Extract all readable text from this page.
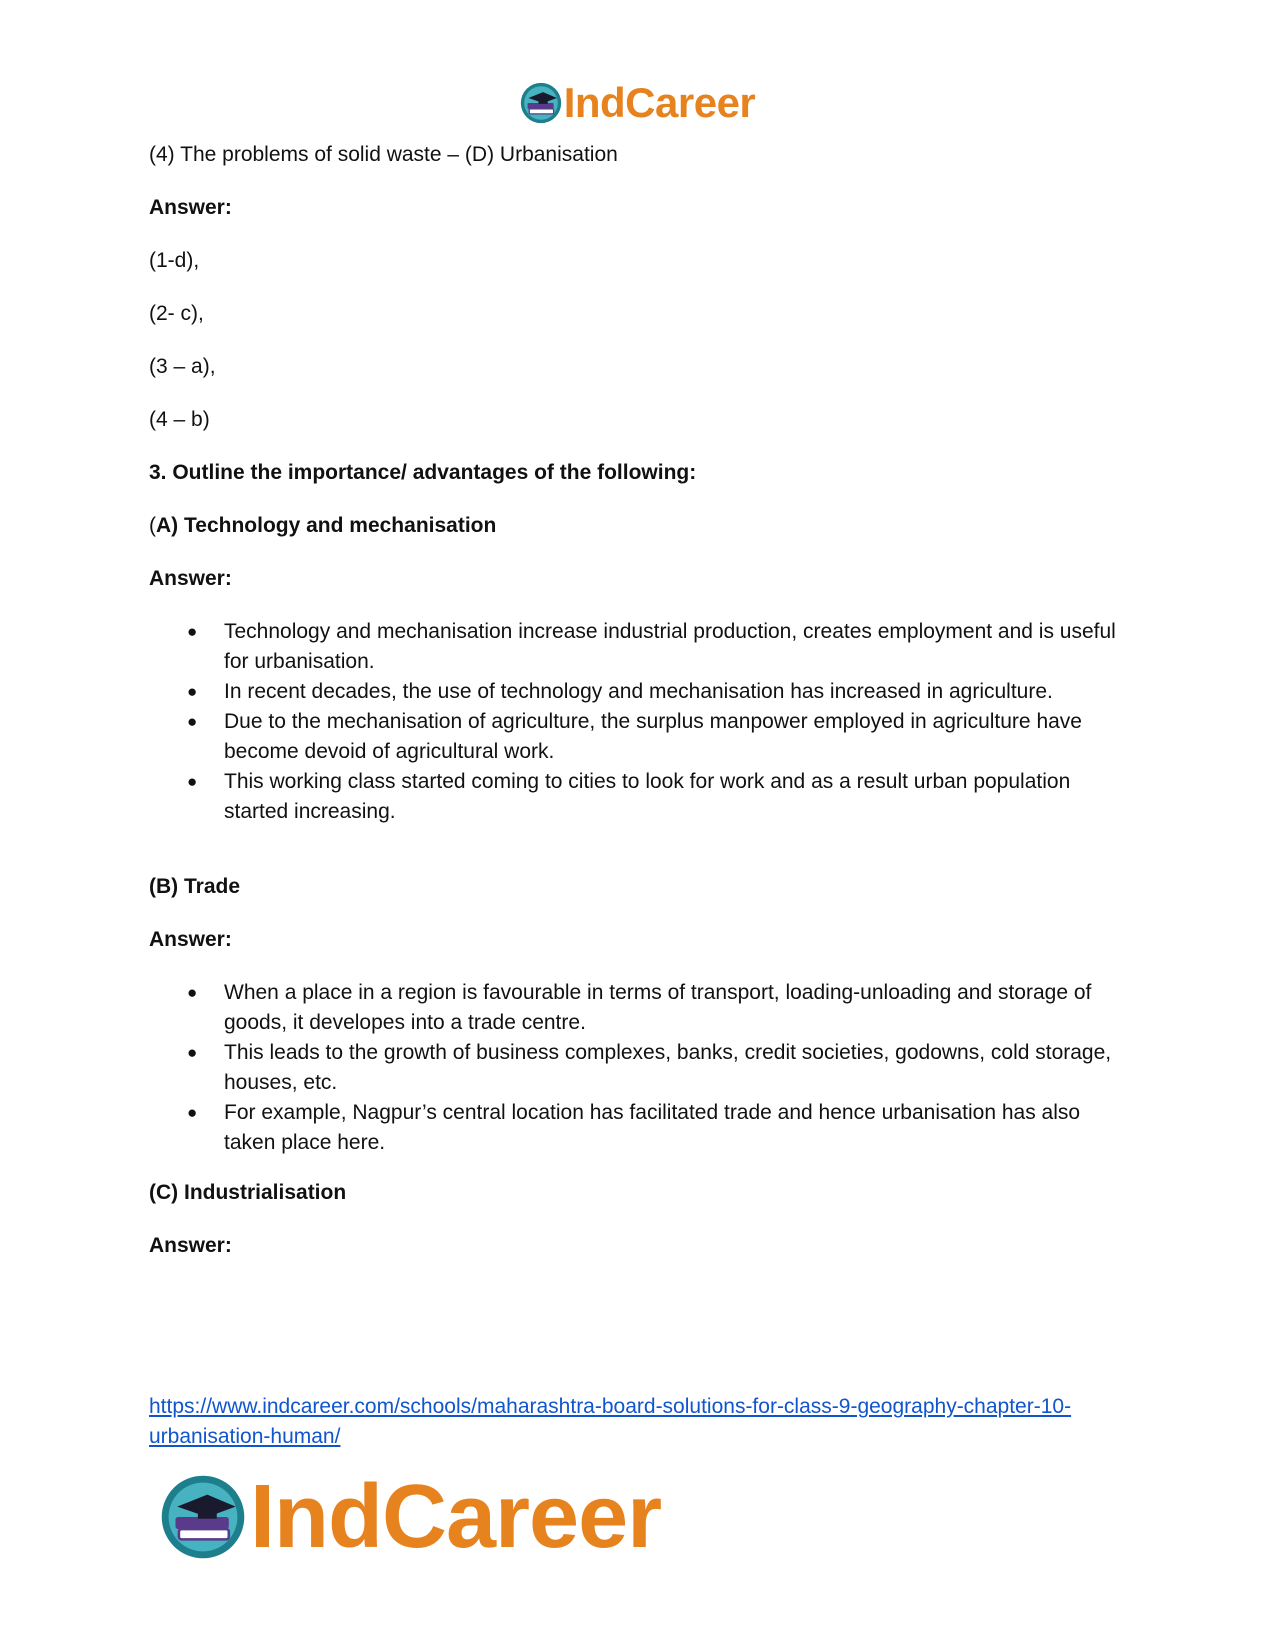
IndCareer
(4) The problems of solid waste – (D) Urbanisation
Answer:
(1-d),
(2- c),
(3 – a),
(4 – b)
3. Outline the importance/ advantages of the following:
(A) Technology and mechanisation
Answer:
● Technology and mechanisation increase industrial production, creates employment and is useful for urbanisation.
● In recent decades, the use of technology and mechanisation has increased in agriculture.
● Due to the mechanisation of agriculture, the surplus manpower employed in agriculture have become devoid of agricultural work.
● This working class started coming to cities to look for work and as a result urban population started increasing.
(B) Trade
Answer:
● When a place in a region is favourable in terms of transport, loading-unloading and storage of goods, it developes into a trade centre.
● This leads to the growth of business complexes, banks, credit societies, godowns, cold storage, houses, etc.
● For example, Nagpur’s central location has facilitated trade and hence urbanisation has also taken place here.
(C) Industrialisation
Answer:
https://www.indcareer.com/schools/maharashtra-board-solutions-for-class-9-geography-chapter-10-urbanisation-human/
IndCareer
